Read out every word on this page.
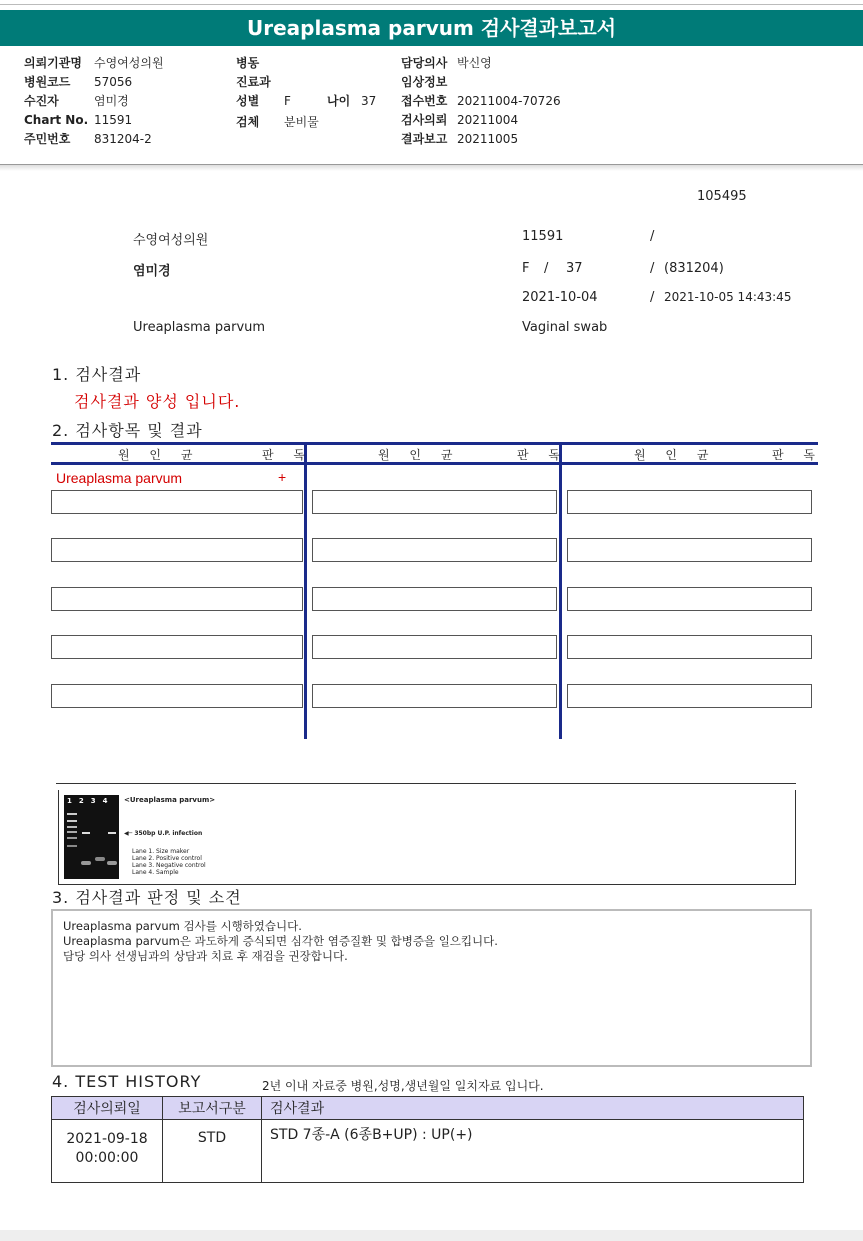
Ureaplasma parvum 검사결과보고서
의뢰기관명 수영여성의원
병원코드 57056
수진자	염미경
Chart No. 11591
주민번호 831204-2
병동
진료과
성별 F	나이 37
검체 분비물
담당의사 박신영
임상정보
접수번호 20211004-70726
검사의뢰 20211004
결과보고 20211005
105495
수영여성의원	11591	/
염미경	F / 37	/ (831204)
2021-10-04	/ 2021-10-05 14:43:45
Ureaplasma parvum	Vaginal swab
1. 검사결과
검사결과 양성 입니다.
2. 검사항목 및 결과
원 인 균	판 독	원 인 균	판 독	원 인 균	판 독
Ureaplasma parvum	+
1234	<Ureaplasma parvum>
◀─ 350bp U.P. infection
Lane 1. Size maker
Lane 2. Positive control
Lane 3. Negative control
Lane 4. Sample
3. 검사결과 판정 및 소견
Ureaplasma parvum 검사를 시행하였습니다.
Ureaplasma parvum은 과도하게 증식되면 심각한 염증질환 및 합병증을 일으킵니다.
담당 의사 선생님과의 상담과 치료 후 재검을 권장합니다.
4. TEST HISTORY	2년 이내 자료중 병원,성명,생년월일 일치자료 입니다.
검사의뢰일	보고서구분	검사결과

2021-09-18
00:00:00	STD	STD 7종-A (6종B+UP) : UP(+)
